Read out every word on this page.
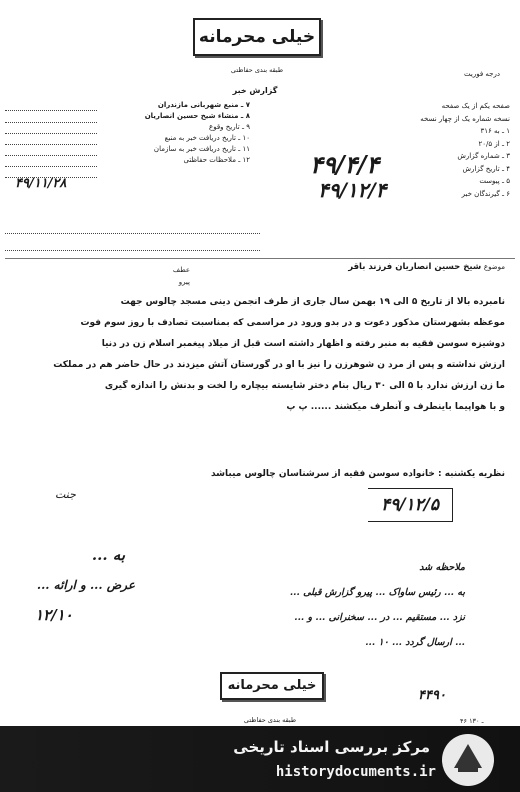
خیلی محرمانه
طبقه بندی حفاظتی	درجه فوریت
گزارش خبر
۷ ـ منبع شهربانی مازندران
۸ ـ منشاء شیخ حسین انصاریان
۹ ـ تاریخ وقوع
۱۰ ـ تاریخ دریافت خبر به منبع
۱۱ ـ تاریخ دریافت خبر به سازمان
۱۲ ـ ملاحظات حفاظتی
۴۹/۱۱/۲۸
صفحه یکم از یک صفحه
نسخه شماره یک از چهار نسخه
۱ ـ به ۳۱۶
۲ ـ از ۲۰/۵
۳ ـ شماره گزارش
۴ ـ تاریخ گزارش
۵ ـ پیوست
۶ ـ گیرندگان خبر
۴۹/۴/۴
۴۹/۱۲/۴
موضوع شیخ حسین انصاریان فرزند باقر
عطف
پیرو
نامبرده بالا از تاریخ ۵ الی ۱۹ بهمن سال جاری از طرف انجمن دینی مسجد چالوس جهت
موعظه بشهرستان مذکور دعوت و در بدو ورود در مراسمی که بمناسبت تصادف با روز سوم فوت
دوشیزه سوسن فقیه به منبر رفته و اظهار داشته است قبل از میلاد پیغمبر اسلام زن در دنیا
ارزش نداشته و پس از مرد ن شوهرزن را نیز با او در گورستان آتش میزدند در حال حاضر هم در مملکت
ما زن ارزش ندارد با ۵ الی ۳۰ ریال بنام دختر شایسته بیچاره را لخت و بدنش را اندازه گیری
و با هواپیما باینطرف و آنطرف میکشند ...... پ پ
نظریه یکشنبه : خانواده سوسن فقیه از سرشناسان چالوس میباشد
جنت
۴۹/۱۲/۵
به ...
عرض ... و ارائه ...
۱۲/۱۰
ملاحظه شد
به ... رئیس ساواک ... پیرو گزارش قبلی ...
نزد ... مستقیم ... در ... سخنرانی ... و ...
... ارسال گردد ... ۱۰ ...
۴۴۹۰
خیلی محرمانه
طبقه بندی حفاظتی	۴۶ ـ ۱۳۰
مرکز بررسی اسناد تاریخی
historydocuments.ir
